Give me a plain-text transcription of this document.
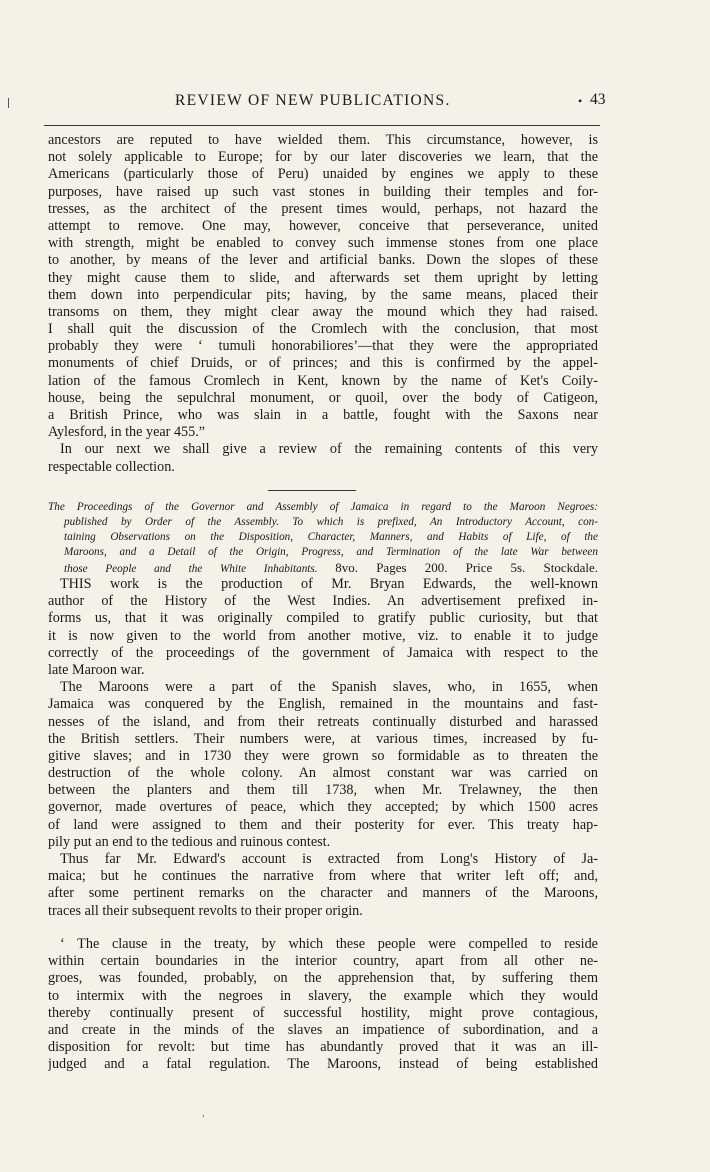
REVIEW OF NEW PUBLICATIONS.	• 43
ancestors are reputed to have wielded them. This circumstance, however, is
not solely applicable to Europe; for by our later discoveries we learn, that the
Americans (particularly those of Peru) unaided by engines we apply to these
purposes, have raised up such vast stones in building their temples and for-
tresses, as the architect of the present times would, perhaps, not hazard the
attempt to remove. One may, however, conceive that perseverance, united
with strength, might be enabled to convey such immense stones from one place
to another, by means of the lever and artificial banks. Down the slopes of these
they might cause them to slide, and afterwards set them upright by letting
them down into perpendicular pits; having, by the same means, placed their
transoms on them, they might clear away the mound which they had raised.
I shall quit the discussion of the Cromlech with the conclusion, that most
probably they were ‘ tumuli honorabiliores’—that they were the appropriated
monuments of chief Druids, or of princes; and this is confirmed by the appel-
lation of the famous Cromlech in Kent, known by the name of Ket's Coily-
house, being the sepulchral monument, or quoil, over the body of Catigeon,
a British Prince, who was slain in a battle, fought with the Saxons near
Aylesford, in the year 455.”
In our next we shall give a review of the remaining contents of this very
respectable collection.
The Proceedings of the Governor and Assembly of Jamaica in regard to the Maroon Negroes:
published by Order of the Assembly. To which is prefixed, An Introductory Account, con-
taining Observations on the Disposition, Character, Manners, and Habits of Life, of the
Maroons, and a Detail of the Origin, Progress, and Termination of the late War between
those People and the White Inhabitants. 8vo. Pages 200. Price 5s. Stockdale.
THIS work is the production of Mr. Bryan Edwards, the well-known
author of the History of the West Indies. An advertisement prefixed in-
forms us, that it was originally compiled to gratify public curiosity, but that
it is now given to the world from another motive, viz. to enable it to judge
correctly of the proceedings of the government of Jamaica with respect to the
late Maroon war.
The Maroons were a part of the Spanish slaves, who, in 1655, when
Jamaica was conquered by the English, remained in the mountains and fast-
nesses of the island, and from their retreats continually disturbed and harassed
the British settlers. Their numbers were, at various times, increased by fu-
gitive slaves; and in 1730 they were grown so formidable as to threaten the
destruction of the whole colony. An almost constant war was carried on
between the planters and them till 1738, when Mr. Trelawney, the then
governor, made overtures of peace, which they accepted; by which 1500 acres
of land were assigned to them and their posterity for ever. This treaty hap-
pily put an end to the tedious and ruinous contest.
Thus far Mr. Edward's account is extracted from Long's History of Ja-
maica; but he continues the narrative from where that writer left off; and,
after some pertinent remarks on the character and manners of the Maroons,
traces all their subsequent revolts to their proper origin.
‘ The clause in the treaty, by which these people were compelled to reside
within certain boundaries in the interior country, apart from all other ne-
groes, was founded, probably, on the apprehension that, by suffering them
to intermix with the negroes in slavery, the example which they would
thereby continually present of successful hostility, might prove contagious,
and create in the minds of the slaves an impatience of subordination, and a
disposition for revolt: but time has abundantly proved that it was an ill-
judged and a fatal regulation. The Maroons, instead of being established
,
